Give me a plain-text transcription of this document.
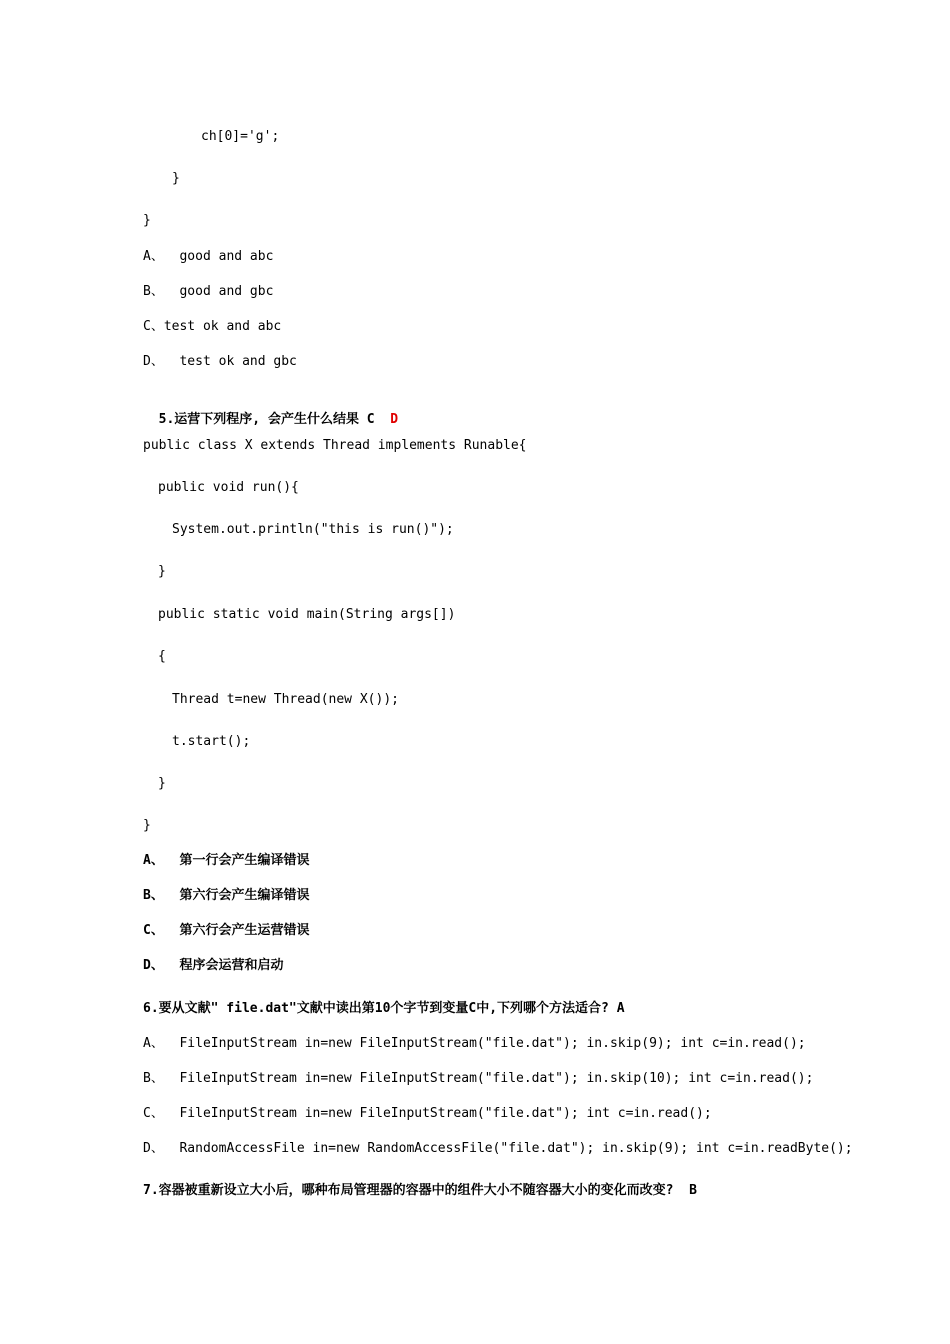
ch[0]='g';
}
}
A、  good and abc
B、  good and gbc
C、test ok and abc
D、  test ok and gbc

5.运营下列程序, 会产生什么结果 C D

public class X extends Thread implements Runable{
public void run(){
System.out.println("this is run()");
}
public static void main(String args[])
{
Thread t=new Thread(new X());
t.start();
}
}
A、  第一行会产生编译错误
B、  第六行会产生编译错误
C、  第六行会产生运营错误
D、  程序会运营和启动
6.要从文献" file.dat"文献中读出第10个字节到变量C中,下列哪个方法适合? A
A、  FileInputStream in=new FileInputStream("file.dat"); in.skip(9); int c=in.read();
B、  FileInputStream in=new FileInputStream("file.dat"); in.skip(10); int c=in.read();
C、  FileInputStream in=new FileInputStream("file.dat"); int c=in.read();
D、  RandomAccessFile in=new RandomAccessFile("file.dat"); in.skip(9); int c=in.readByte();
7.容器被重新设立大小后，哪种布局管理器的容器中的组件大小不随容器大小的变化而改变?  B
